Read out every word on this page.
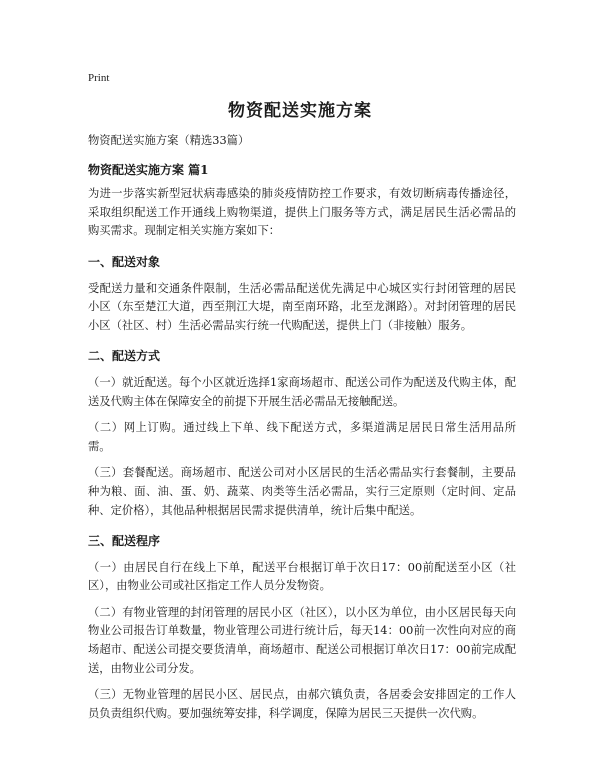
Print
物资配送实施方案
物资配送实施方案（精选33篇）
物资配送实施方案 篇1

为进一步落实新型冠状病毒感染的肺炎疫情防控工作要求，有效切断病毒传播途径，采取组织配送工作开通线上购物渠道，提供上门服务等方式，满足居民生活必需品的购买需求。现制定相关实施方案如下：

一、配送对象

受配送力量和交通条件限制，生活必需品配送优先满足中心城区实行封闭管理的居民小区（东至楚江大道，西至荆江大堤，南至南环路，北至龙渊路）。对封闭管理的居民小区（社区、村）生活必需品实行统一代购配送，提供上门（非接触）服务。

二、配送方式

（一）就近配送。每个小区就近选择1家商场超市、配送公司作为配送及代购主体，配送及代购主体在保障安全的前提下开展生活必需品无接触配送。

（二）网上订购。通过线上下单、线下配送方式，多渠道满足居民日常生活用品所需。

（三）套餐配送。商场超市、配送公司对小区居民的生活必需品实行套餐制，主要品种为粮、面、油、蛋、奶、蔬菜、肉类等生活必需品，实行三定原则（定时间、定品种、定价格），其他品种根据居民需求提供清单，统计后集中配送。

三、配送程序

（一）由居民自行在线上下单，配送平台根据订单于次日17：00前配送至小区（社区），由物业公司或社区指定工作人员分发物资。

（二）有物业管理的封闭管理的居民小区（社区），以小区为单位，由小区居民每天向物业公司报告订单数量，物业管理公司进行统计后，每天14：00前一次性向对应的商场超市、配送公司提交要货清单，商场超市、配送公司根据订单次日17：00前完成配送，由物业公司分发。

（三）无物业管理的居民小区、居民点，由郝穴镇负责，各居委会安排固定的工作人员负责组织代购。要加强统筹安排，科学调度，保障为居民三天提供一次代购。
